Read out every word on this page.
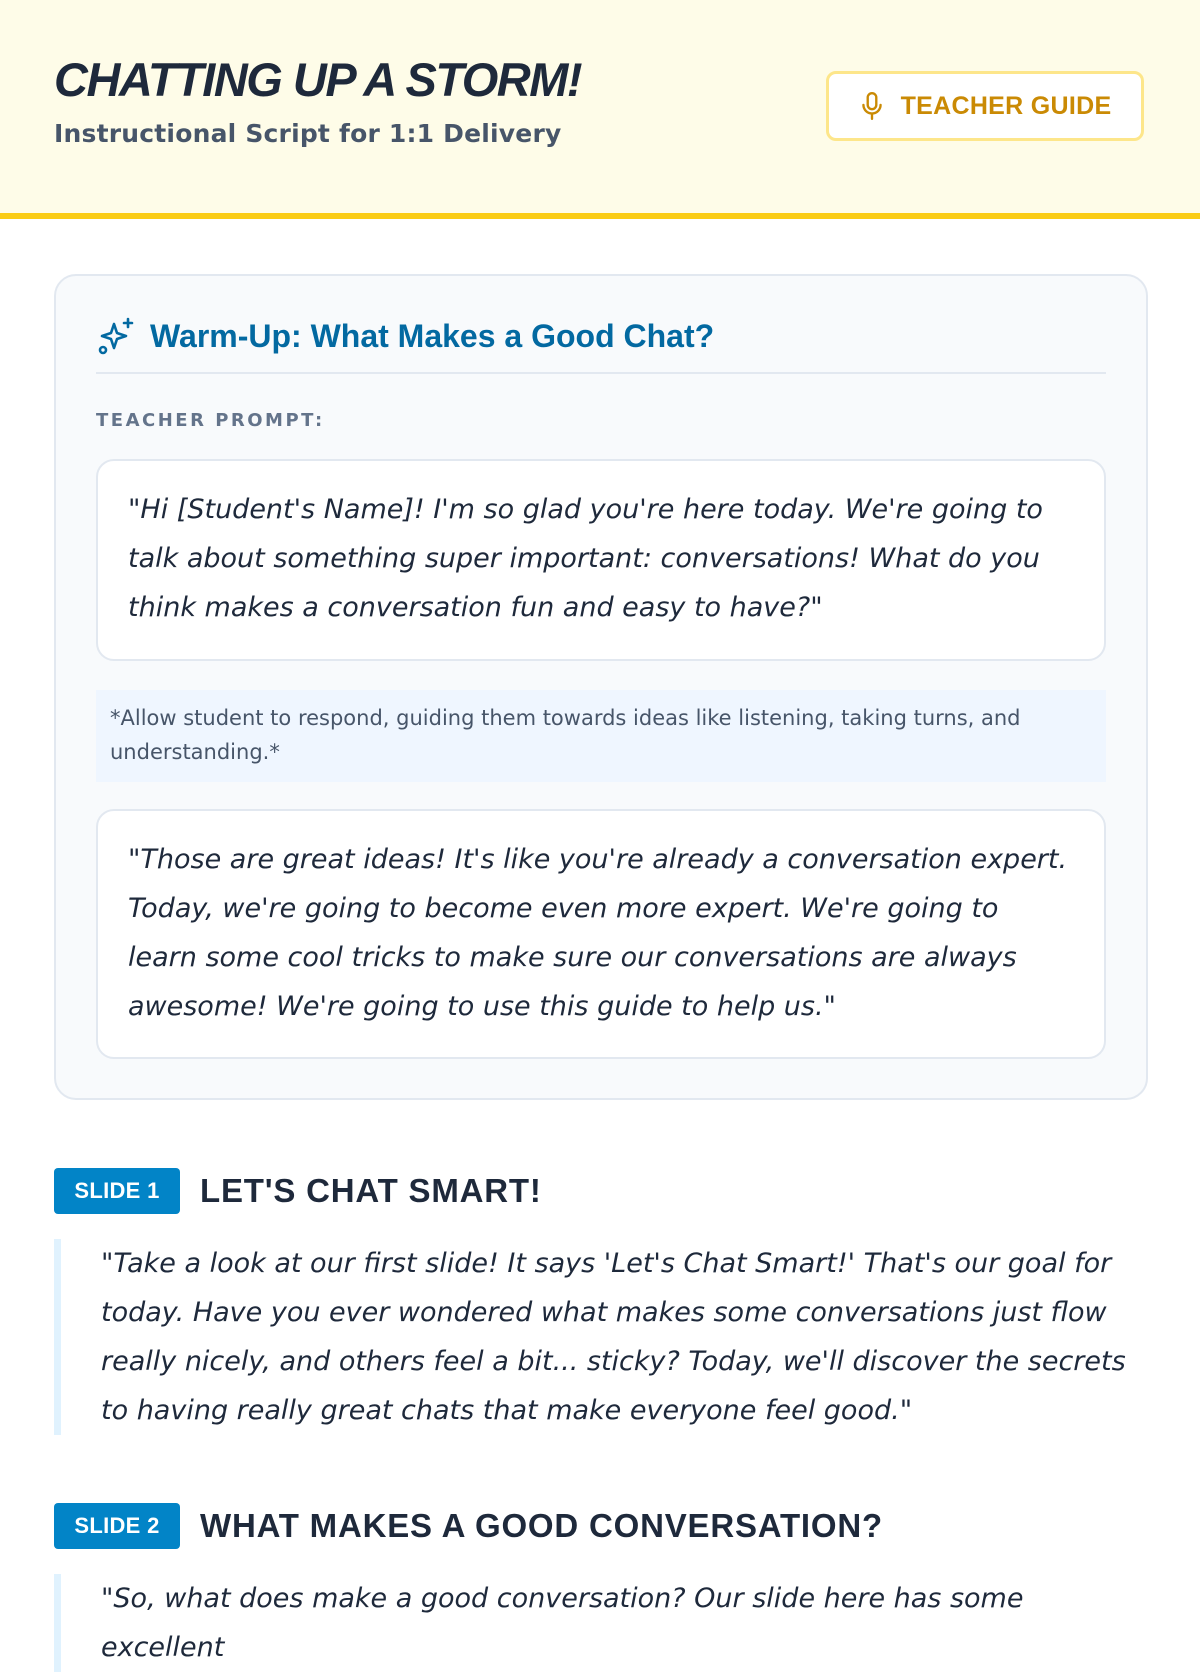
CHATTING UP A STORM!

Instructional Script for 1:1 Delivery

TEACHER GUIDE
Warm-Up: What Makes a Good Chat?
TEACHER PROMPT:
"Hi [Student's Name]! I'm so glad you're here today. We're going to talk about something super important: conversations! What do you think makes a conversation fun and easy to have?"
*Allow student to respond, guiding them towards ideas like listening, taking turns, and understanding.*
"Those are great ideas! It's like you're already a conversation expert. Today, we're going to become even more expert. We're going to learn some cool tricks to make sure our conversations are always awesome! We're going to use this guide to help us."
SLIDE 1	LET'S CHAT SMART!
"Take a look at our first slide! It says 'Let's Chat Smart!' That's our goal for today. Have you ever wondered what makes some conversations just flow really nicely, and others feel a bit... sticky? Today, we'll discover the secrets to having really great chats that make everyone feel good."
SLIDE 2	WHAT MAKES A GOOD CONVERSATION?
"So, what does make a good conversation? Our slide here has some excellent
